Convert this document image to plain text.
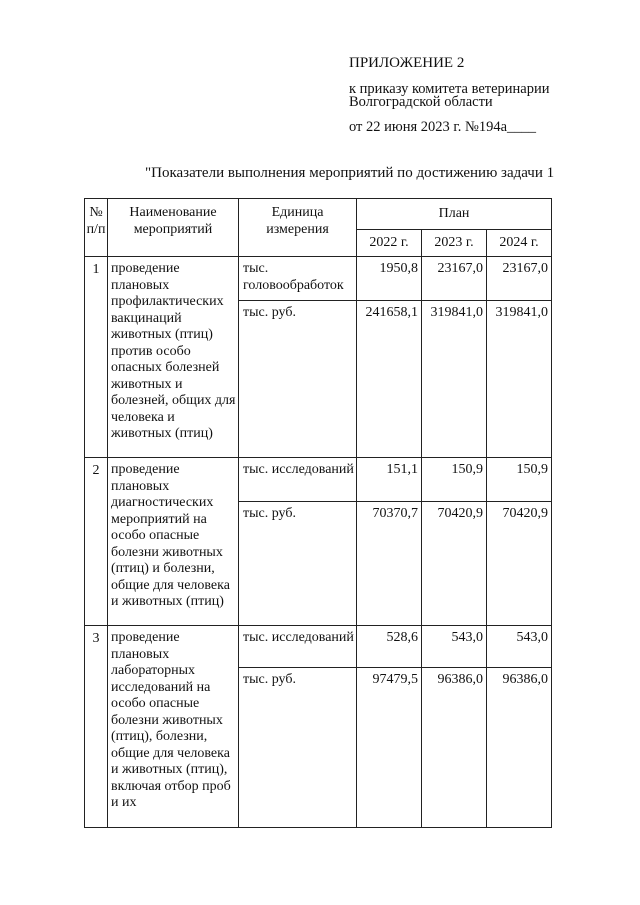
ПРИЛОЖЕНИЕ 2
к приказу комитета ветеринарии
Волгоградской области
от 22 июня 2023 г. №194а____
"Показатели выполнения мероприятий по достижению задачи 1
№ п/п	Наименование мероприятий	Единица измерения	План		
			2022 г.	2023 г.	2024 г.
1	проведение плановых профилактических вакцинаций животных (птиц) против особо опасных болезней животных и болезней, общих для человека и животных (птиц)	тыс. головообработок	1950,8	23167,0	23167,0
		тыс. руб.	241658,1	319841,0	319841,0
2	проведение плановых диагностических мероприятий на особо опасные болезни животных (птиц) и болезни, общие для человека и животных (птиц)	тыс. исследований	151,1	150,9	150,9
		тыс. руб.	70370,7	70420,9	70420,9
3	проведение плановых лабораторных исследований на особо опасные болезни животных (птиц), болезни, общие для человека и животных (птиц), включая отбор проб и их	тыс. исследований	528,6	543,0	543,0
		тыс. руб.	97479,5	96386,0	96386,0
